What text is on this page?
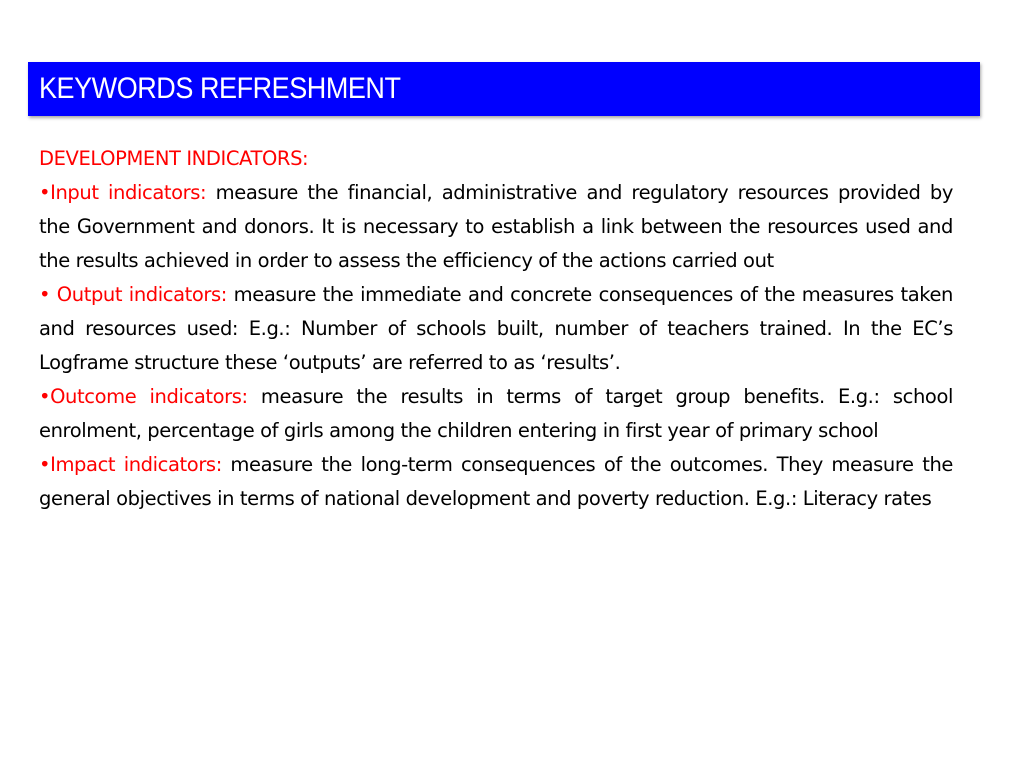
KEYWORDS REFRESHMENT

DEVELOPMENT INDICATORS:

•Input indicators: measure the financial, administrative and regulatory resources provided by the Government and donors. It is necessary to establish a link between the resources used and the results achieved in order to assess the efficiency of the actions carried out

• Output indicators: measure the immediate and concrete consequences of the measures taken and resources used: E.g.: Number of schools built, number of teachers trained. In the EC’s Logframe structure these ‘outputs’ are referred to as ‘results’.

•Outcome indicators: measure the results in terms of target group benefits. E.g.: school enrolment, percentage of girls among the children entering in first year of primary school

•Impact indicators: measure the long-term consequences of the outcomes. They measure the general objectives in terms of national development and poverty reduction. E.g.: Literacy rates
